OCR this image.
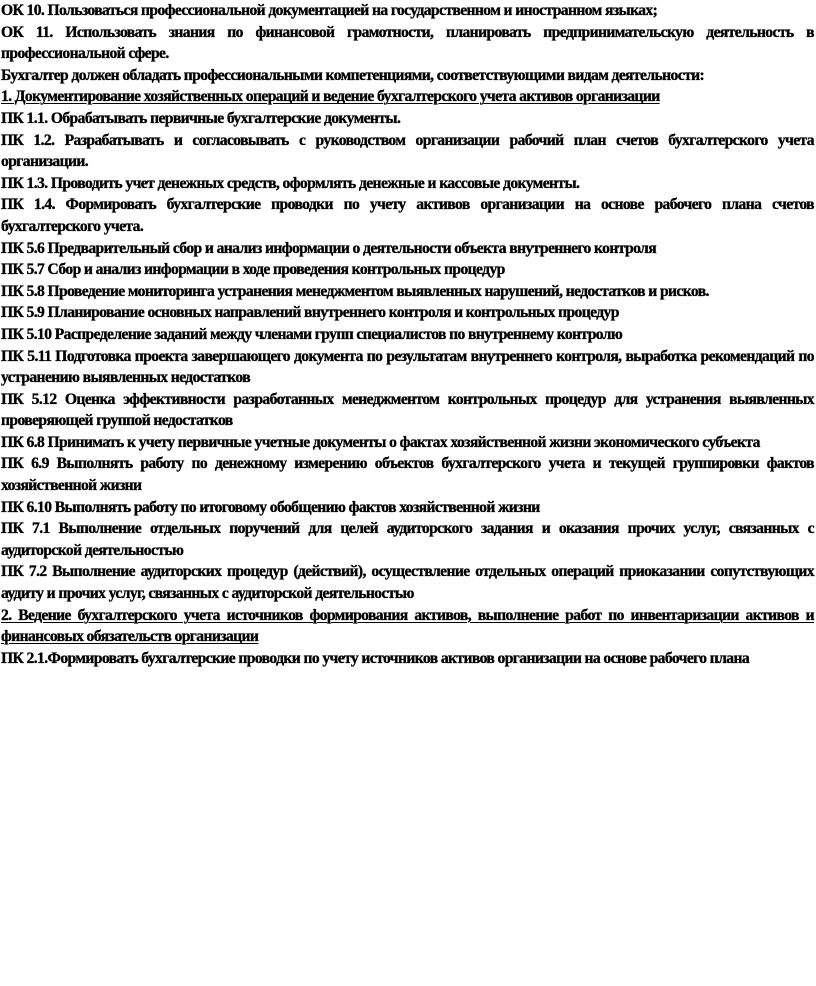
ОК 10. Пользоваться профессиональной документацией на государственном и иностранном языках;

ОК 11. Использовать знания по финансовой грамотности, планировать предпринимательскую деятельность в профессиональной сфере.

Бухгалтер должен обладать профессиональными компетенциями, соответствующими видам деятельности:

1. Документирование хозяйственных операций и ведение бухгалтерского учета активов организации

ПК 1.1. Обрабатывать первичные бухгалтерские документы.

ПК 1.2. Разрабатывать и согласовывать с руководством организации рабочий план счетов бухгалтерского учета организации.

ПК 1.3. Проводить учет денежных средств, оформлять денежные и кассовые документы.

ПК 1.4. Формировать бухгалтерские проводки по учету активов организации на основе рабочего плана счетов бухгалтерского учета.

ПК 5.6 Предварительный сбор и анализ информации о деятельности объекта внутреннего контроля

ПК 5.7 Сбор и анализ информации в ходе проведения контрольных процедур

ПК 5.8 Проведение мониторинга устранения менеджментом выявленных нарушений, недостатков и рисков.

ПК 5.9 Планирование основных направлений внутреннего контроля и контрольных процедур

ПК 5.10 Распределение заданий между членами групп специалистов по внутреннему контролю

ПК 5.11 Подготовка проекта завершающего документа по результатам внутреннего контроля, выработка рекомендаций по устранению выявленных недостатков

ПК 5.12 Оценка эффективности разработанных менеджментом контрольных процедур для устранения выявленных проверяющей группой недостатков

ПК 6.8 Принимать к учету первичные учетные документы о фактах хозяйственной жизни экономического субъекта

ПК 6.9 Выполнять работу по денежному измерению объектов бухгалтерского учета и текущей группировки фактов хозяйственной жизни

ПК 6.10 Выполнять работу по итоговому обобщению фактов хозяйственной жизни

ПК 7.1 Выполнение отдельных поручений для целей аудиторского задания и оказания прочих услуг, связанных с аудиторской деятельностью

ПК 7.2 Выполнение аудиторских процедур (действий), осуществление отдельных операций приоказании сопутствующих аудиту и прочих услуг, связанных с аудиторской деятельностью

2. Ведение бухгалтерского учета источников формирования активов, выполнение работ по инвентаризации активов и финансовых обязательств организации

ПК 2.1.Формировать бухгалтерские проводки по учету источников активов организации на основе рабочего плана
